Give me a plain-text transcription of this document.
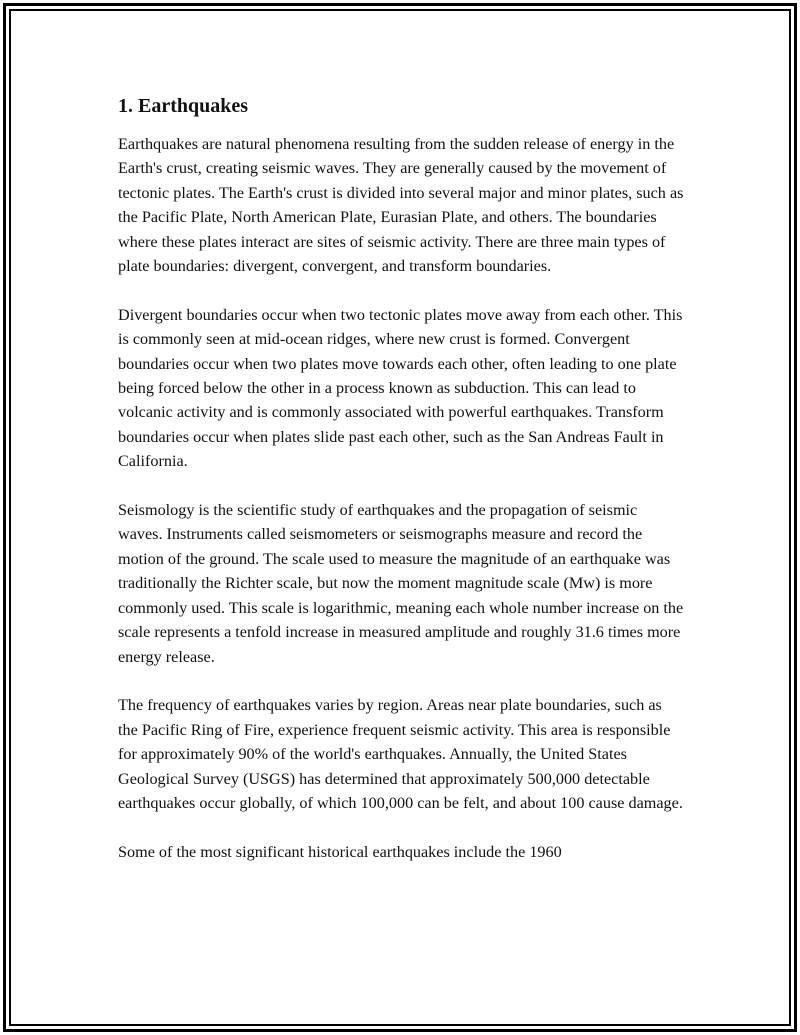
1. Earthquakes

Earthquakes are natural phenomena resulting from the sudden release of energy in the Earth's crust, creating seismic waves. They are generally caused by the movement of tectonic plates. The Earth's crust is divided into several major and minor plates, such as the Pacific Plate, North American Plate, Eurasian Plate, and others. The boundaries where these plates interact are sites of seismic activity. There are three main types of plate boundaries: divergent, convergent, and transform boundaries.

Divergent boundaries occur when two tectonic plates move away from each other. This is commonly seen at mid-ocean ridges, where new crust is formed. Convergent boundaries occur when two plates move towards each other, often leading to one plate being forced below the other in a process known as subduction. This can lead to volcanic activity and is commonly associated with powerful earthquakes. Transform boundaries occur when plates slide past each other, such as the San Andreas Fault in California.

Seismology is the scientific study of earthquakes and the propagation of seismic waves. Instruments called seismometers or seismographs measure and record the motion of the ground. The scale used to measure the magnitude of an earthquake was traditionally the Richter scale, but now the moment magnitude scale (Mw) is more commonly used. This scale is logarithmic, meaning each whole number increase on the scale represents a tenfold increase in measured amplitude and roughly 31.6 times more energy release.

The frequency of earthquakes varies by region. Areas near plate boundaries, such as the Pacific Ring of Fire, experience frequent seismic activity. This area is responsible for approximately 90% of the world's earthquakes. Annually, the United States Geological Survey (USGS) has determined that approximately 500,000 detectable earthquakes occur globally, of which 100,000 can be felt, and about 100 cause damage.

Some of the most significant historical earthquakes include the 1960
